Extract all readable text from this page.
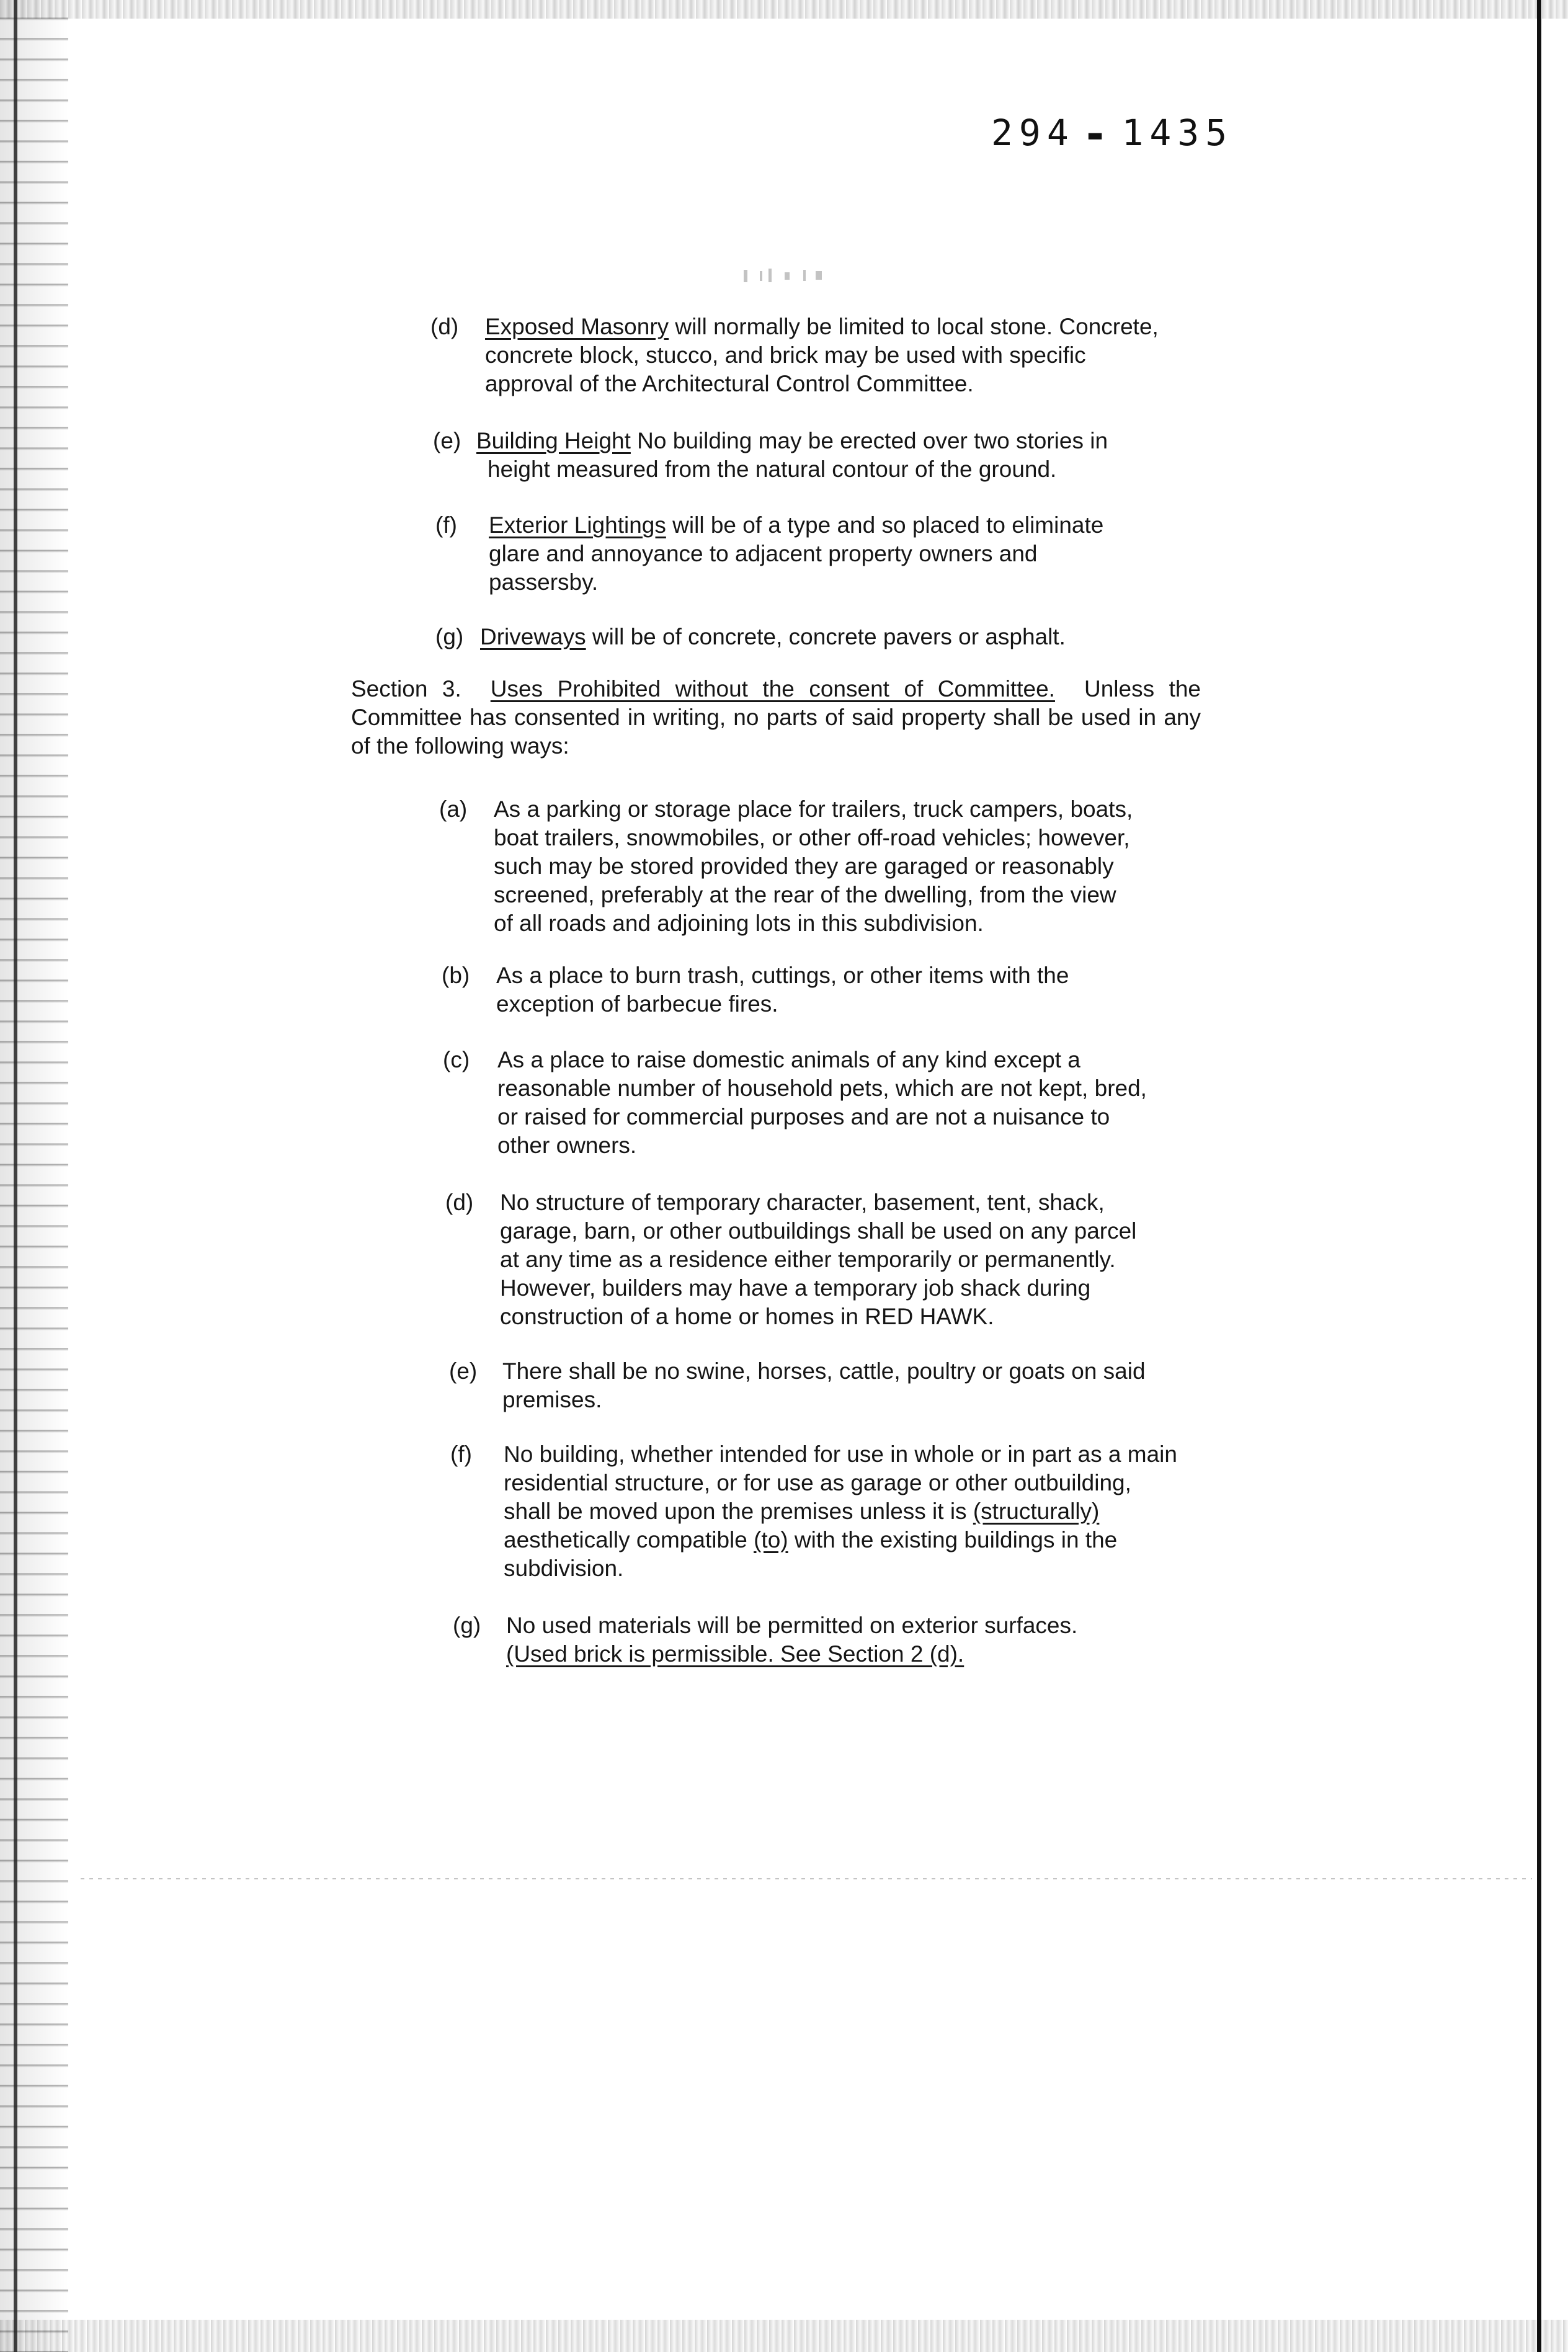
294 ▬ 1435
(d) Exposed Masonry will normally be limited to local stone. Concrete,
concrete block, stucco, and brick may be used with specific
approval of the Architectural Control Committee.
(e) Building Height No building may be erected over two stories in
height measured from the natural contour of the ground.
(f) Exterior Lightings will be of a type and so placed to eliminate
glare and annoyance to adjacent property owners and
passersby.
(g) Driveways will be of concrete, concrete pavers or asphalt.
Section 3. Uses Prohibited without the consent of Committee. Unless the Committee has consented in writing, no parts of said property shall be used in any of the following ways:
(a) As a parking or storage place for trailers, truck campers, boats,
boat trailers, snowmobiles, or other off-road vehicles; however,
such may be stored provided they are garaged or reasonably
screened, preferably at the rear of the dwelling, from the view
of all roads and adjoining lots in this subdivision.
(b) As a place to burn trash, cuttings, or other items with the
exception of barbecue fires.
(c) As a place to raise domestic animals of any kind except a
reasonable number of household pets, which are not kept, bred,
or raised for commercial purposes and are not a nuisance to
other owners.
(d) No structure of temporary character, basement, tent, shack,
garage, barn, or other outbuildings shall be used on any parcel
at any time as a residence either temporarily or permanently.
However, builders may have a temporary job shack during
construction of a home or homes in RED HAWK.
(e) There shall be no swine, horses, cattle, poultry or goats on said
premises.
(f) No building, whether intended for use in whole or in part as a main
residential structure, or for use as garage or other outbuilding,
shall be moved upon the premises unless it is (structurally)
aesthetically compatible (to) with the existing buildings in the
subdivision.
(g) No used materials will be permitted on exterior surfaces.
(Used brick is permissible. See Section 2 (d).
